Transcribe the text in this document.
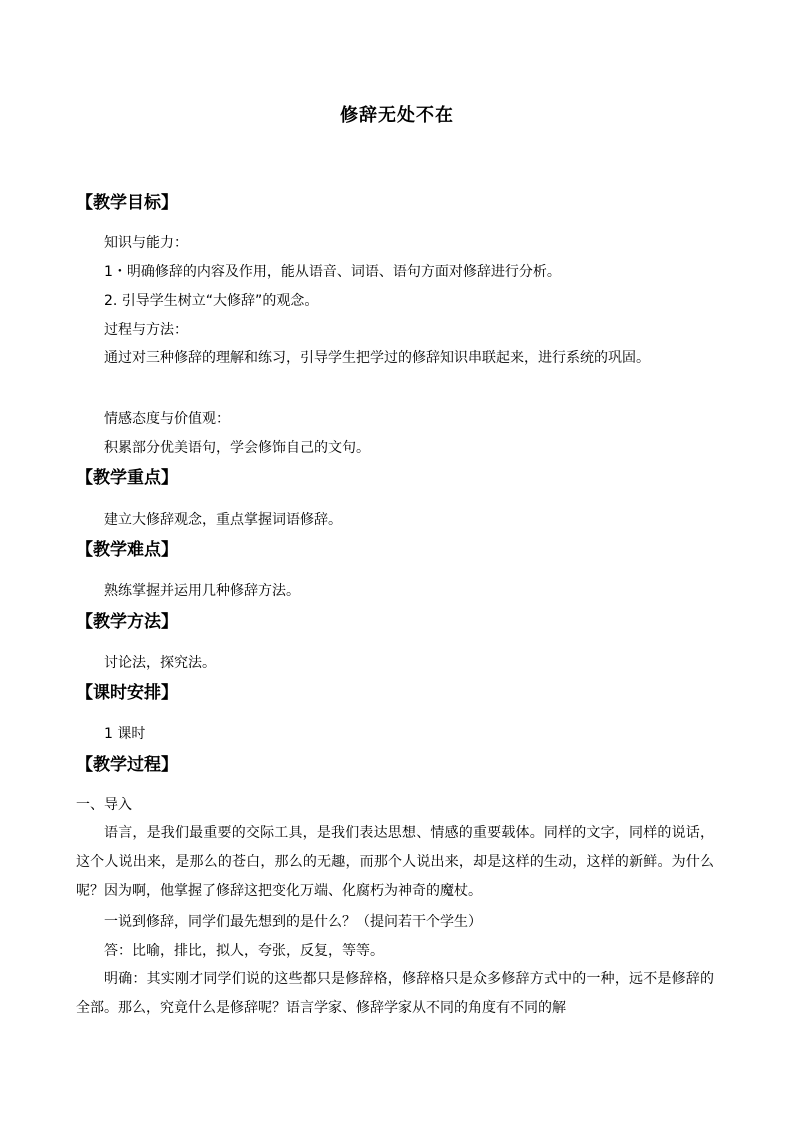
修辞无处不在
【教学目标】
知识与能力：
1・明确修辞的内容及作用，能从语音、词语、语句方面对修辞进行分析。
2. 引导学生树立“大修辞”的观念。
过程与方法：

通过对三种修辞的理解和练习，引导学生把学过的修辞知识串联起来，进行系统的巩固。

情感态度与价值观：
积累部分优美语句，学会修饰自己的文句。
【教学重点】
建立大修辞观念，重点掌握词语修辞。
【教学难点】
熟练掌握并运用几种修辞方法。
【教学方法】
讨论法，探究法。
【课时安排】
1 课时
【教学过程】
一、导入

语言，是我们最重要的交际工具，是我们表达思想、情感的重要载体。同样的文字，同样的说话，这个人说出来，是那么的苍白，那么的无趣，而那个人说出来，却是这样的生动，这样的新鲜。为什么呢？因为啊，他掌握了修辞这把变化万端、化腐朽为神奇的魔杖。

一说到修辞，同学们最先想到的是什么？（提问若干个学生）
答：比喻，排比，拟人，夸张，反复，等等。

明确：其实刚才同学们说的这些都只是修辞格，修辞格只是众多修辞方式中的一种，远不是修辞的全部。那么，究竟什么是修辞呢？语言学家、修辞学家从不同的角度有不同的解
